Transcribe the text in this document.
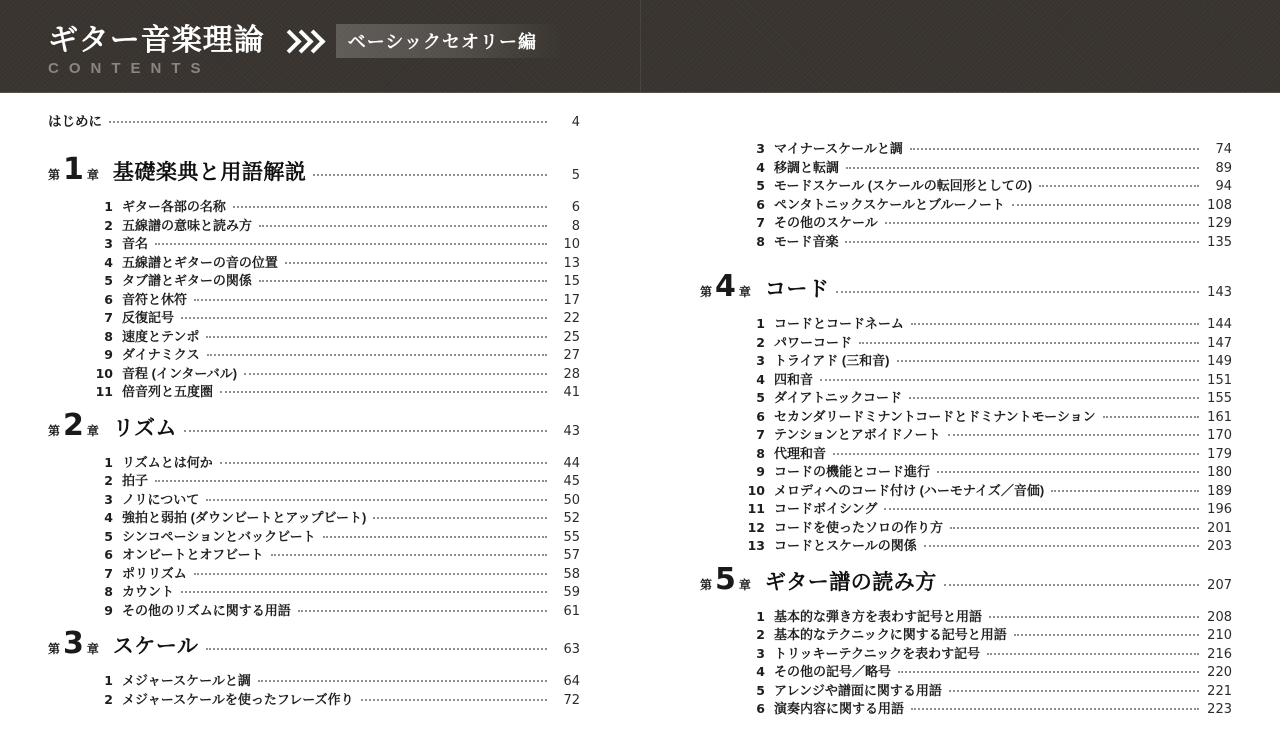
ギター音楽理論	ベーシックセオリー編
CONTENTS
はじめに	4
第 1 章 基礎楽典と用語解説	5
1 ギター各部の名称	6
2 五線譜の意味と読み方	8
3 音名	10
4 五線譜とギターの音の位置	13
5 タブ譜とギターの関係	15
6 音符と休符	17
7 反復記号	22
8 速度とテンポ	25
9 ダイナミクス	27
10 音程 (インターバル)	28
11 倍音列と五度圏	41
第 2 章 リズム	43
1 リズムとは何か	44
2 拍子	45
3 ノリについて	50
4 強拍と弱拍 (ダウンビートとアップビート)	52
5 シンコペーションとバックビート	55
6 オンビートとオフビート	57
7 ポリリズム	58
8 カウント	59
9 その他のリズムに関する用語	61
第 3 章 スケール	63
1 メジャースケールと調	64
2 メジャースケールを使ったフレーズ作り	72
3 マイナースケールと調	74
4 移調と転調	89
5 モードスケール (スケールの転回形としての)	94
6 ペンタトニックスケールとブルーノート	108
7 その他のスケール	129
8 モード音楽	135
第 4 章 コード	143
1 コードとコードネーム	144
2 パワーコード	147
3 トライアド (三和音)	149
4 四和音	151
5 ダイアトニックコード	155
6 セカンダリードミナントコードとドミナントモーション	161
7 テンションとアボイドノート	170
8 代理和音	179
9 コードの機能とコード進行	180
10 メロディへのコード付け (ハーモナイズ／音価)	189
11 コードボイシング	196
12 コードを使ったソロの作り方	201
13 コードとスケールの関係	203
第 5 章 ギター譜の読み方	207
1 基本的な弾き方を表わす記号と用語	208
2 基本的なテクニックに関する記号と用語	210
3 トリッキーテクニックを表わす記号	216
4 その他の記号／略号	220
5 アレンジや譜面に関する用語	221
6 演奏内容に関する用語	223
